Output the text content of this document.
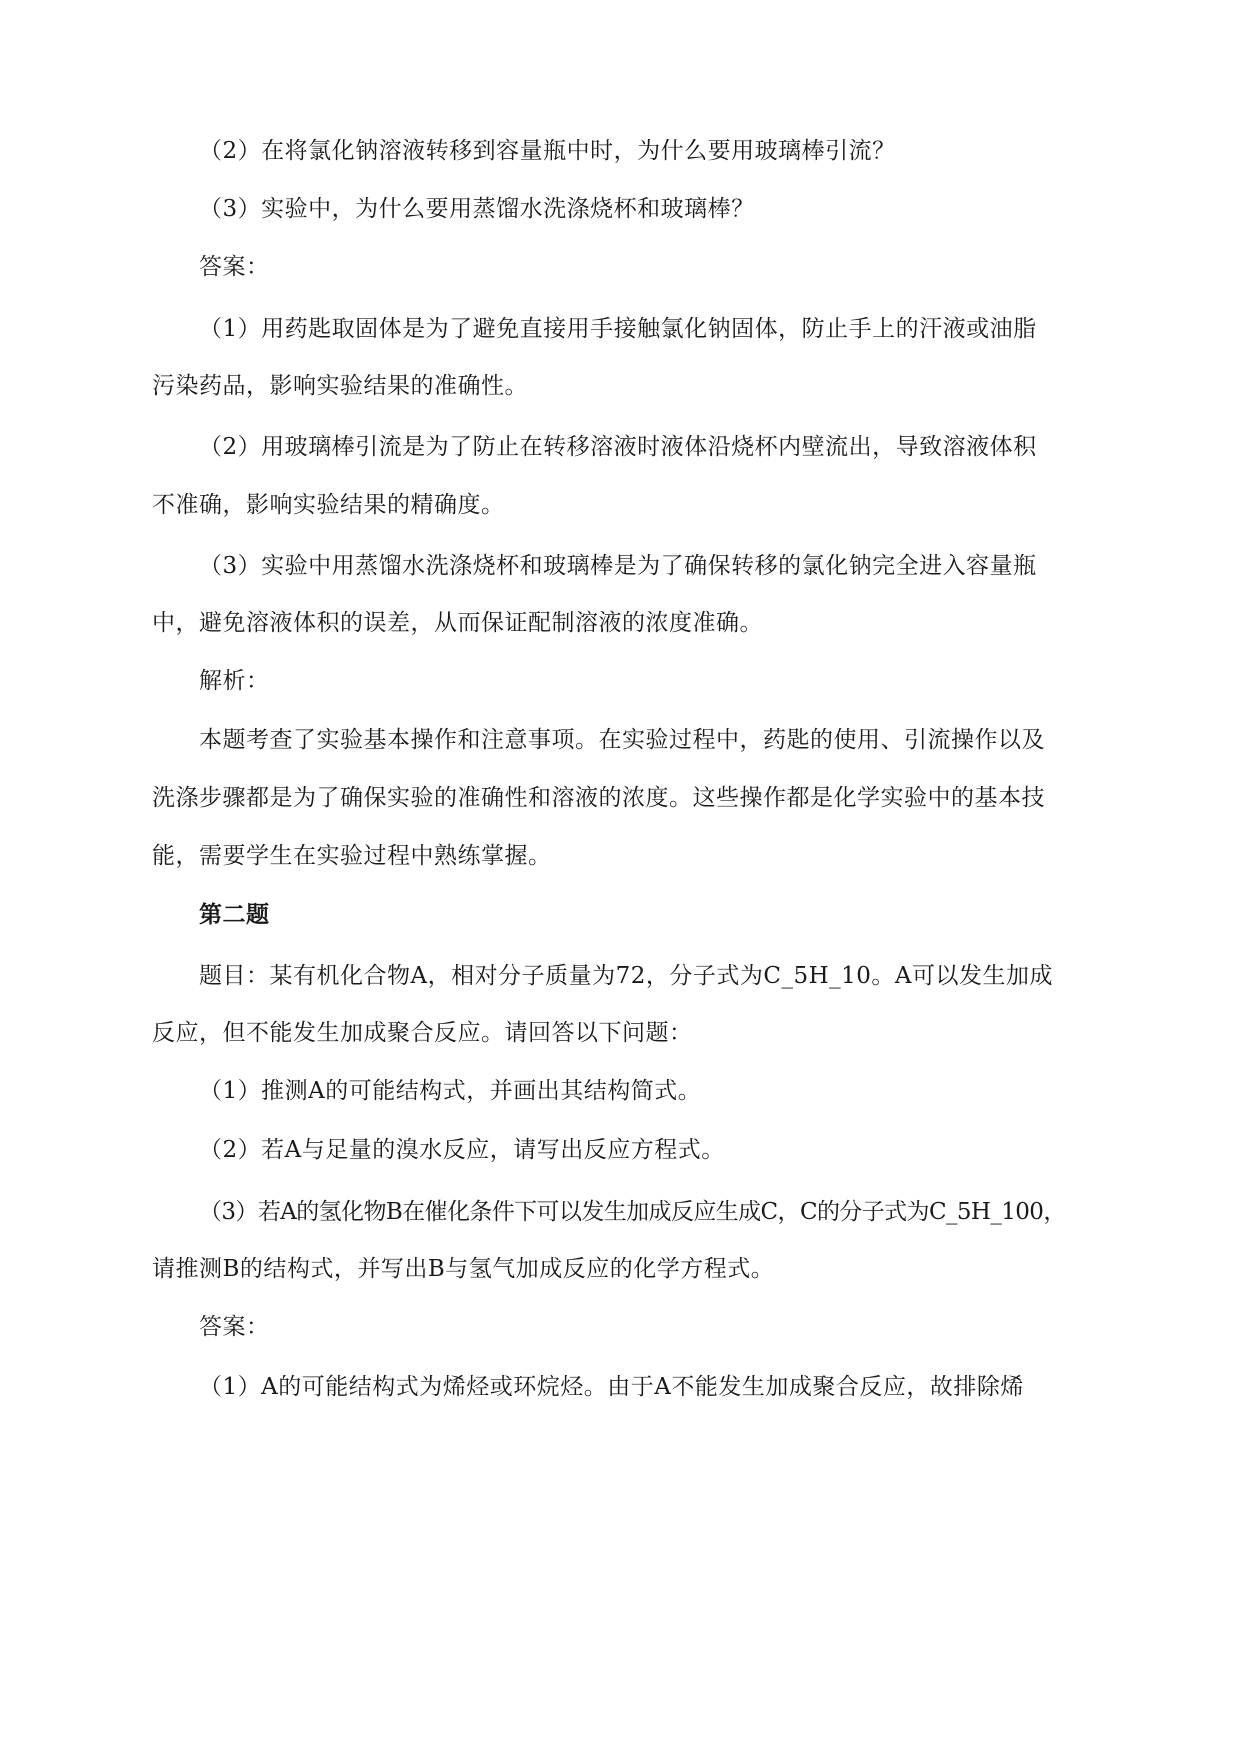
（2）在将氯化钠溶液转移到容量瓶中时，为什么要用玻璃棒引流？
（3）实验中，为什么要用蒸馏水洗涤烧杯和玻璃棒？
答案：
（1）用药匙取固体是为了避免直接用手接触氯化钠固体，防止手上的汗液或油脂
污染药品，影响实验结果的准确性。
（2）用玻璃棒引流是为了防止在转移溶液时液体沿烧杯内壁流出，导致溶液体积
不准确，影响实验结果的精确度。
（3）实验中用蒸馏水洗涤烧杯和玻璃棒是为了确保转移的氯化钠完全进入容量瓶
中，避免溶液体积的误差，从而保证配制溶液的浓度准确。
解析：
本题考查了实验基本操作和注意事项。在实验过程中，药匙的使用、引流操作以及
洗涤步骤都是为了确保实验的准确性和溶液的浓度。这些操作都是化学实验中的基本技
能，需要学生在实验过程中熟练掌握。
第二题
题目：某有机化合物A，相对分子质量为72，分子式为C_5H_10。A可以发生加成
反应，但不能发生加成聚合反应。请回答以下问题：
（1）推测A的可能结构式，并画出其结构简式。
（2）若A与足量的溴水反应，请写出反应方程式。
（3）若A的氢化物B在催化条件下可以发生加成反应生成C，C的分子式为C_5H_100，
请推测B的结构式，并写出B与氢气加成反应的化学方程式。
答案：
（1）A的可能结构式为烯烃或环烷烃。由于A不能发生加成聚合反应，故排除烯
